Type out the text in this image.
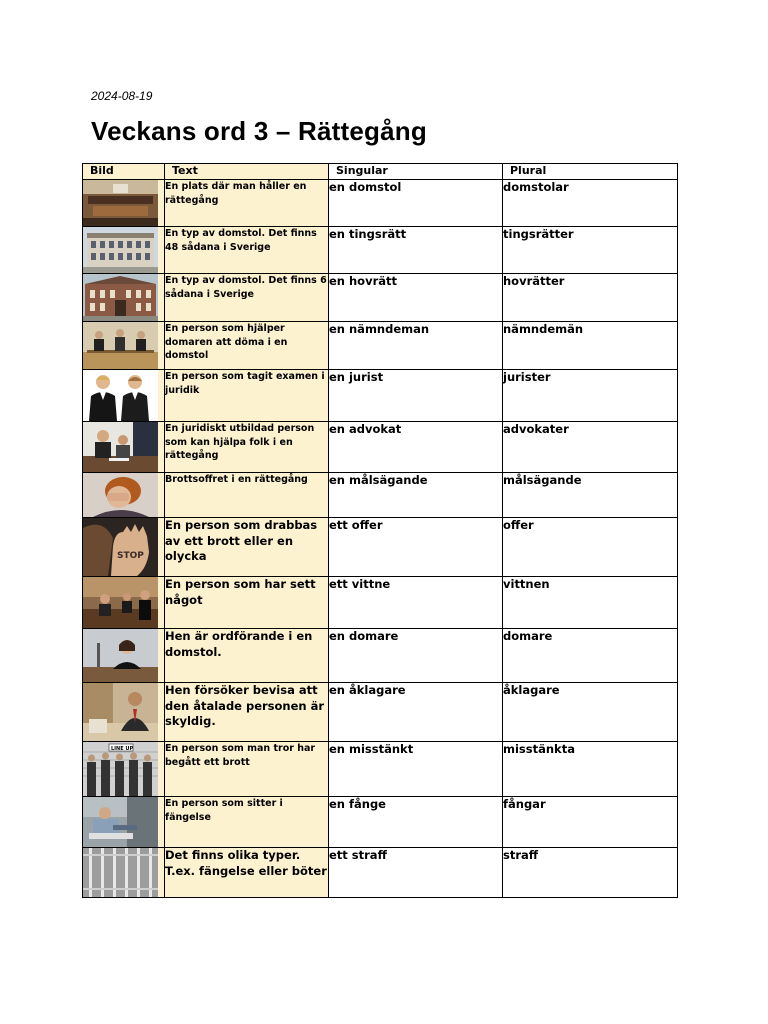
2024-08-19
Veckans ord 3 – Rättegång
Bild	Text	Singular	Plural

	En plats där man håller en rättegång	en domstol	domstolar

	En typ av domstol. Det finns 48 sådana i Sverige	en tingsrätt	tingsrätter

	En typ av domstol. Det finns 6 sådana i Sverige	en hovrätt	hovrätter

	En person som hjälper domaren att döma i en domstol	en nämndeman	nämndemän

	En person som tagit examen i juridik	en jurist	jurister

	En juridiskt utbildad person som kan hjälpa folk i en rättegång	en advokat	advokater

	Brottsoffret i en rättegång	en målsägande	målsägande

STOP	En person som drabbas av ett brott eller en olycka	ett offer	offer

	En person som har sett något	ett vittne	vittnen

	Hen är ordförande i en domstol.	en domare	domare

	Hen försöker bevisa att den åtalade personen är skyldig.	en åklagare	åklagare

LINE UP	En person som man tror har begått ett brott	en misstänkt	misstänkta

	En person som sitter i fängelse	en fånge	fångar

	Det finns olika typer. T.ex. fängelse eller böter	ett straff	straff
